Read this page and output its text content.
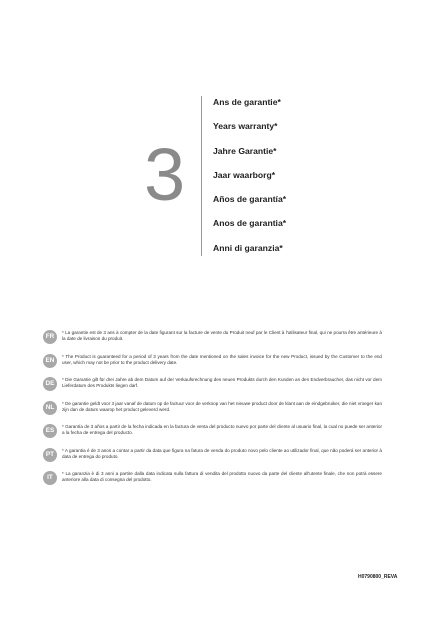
3
Ans de garantie*
Years warranty*
Jahre Garantie*
Jaar waarborg*
Años de garantía*
Anos de garantia*
Anni di garanzia*
FR
* La garantie est de 3 ans à compter de la date figurant sur la facture de vente du Produit neuf par le Client à l'utilisateur final, qui ne pourra être antérieure à la date de livraison du produit.
EN
* The Product is guaranteed for a period of 3 years from the date mentioned on the sales invoice for the new Product, issued by the Customer to the end user, which may not be prior to the product delivery date.
DE
* Die Garantie gilt für drei Jahre ab dem Datum auf der Verkaufsrechnung des neuen Produkts durch den Kunden an den Endverbraucher, das nicht vor dem Lieferdatum des Produkts liegen darf.
NL
* De garantie geldt voor 3 jaar vanaf de datum op de factuur voor de verkoop van het nieuwe product door de klant aan de eindgebruiker, die niet vroeger kan zijn dan de datum waarop het product geleverd werd.
ES
* Garantía de 3 años a partir de la fecha indicada en la factura de venta del producto nuevo por parte del cliente al usuario final, la cual no puede ser anterior a la fecha de entrega del producto.
PT
* A garantia é de 3 anos a contar a partir da data que figura na fatura de venda do produto novo pelo cliente ao utilizador final, que não poderá ser anterior à data de entrega do produto.
IT
* La garanzia è di 3 anni a partire dalla data indicata sulla fattura di vendita del prodotto nuovo da parte del cliente all'utente finale, che non potrà essere anteriore alla data di consegna del prodotto.
H0790800_REVA
